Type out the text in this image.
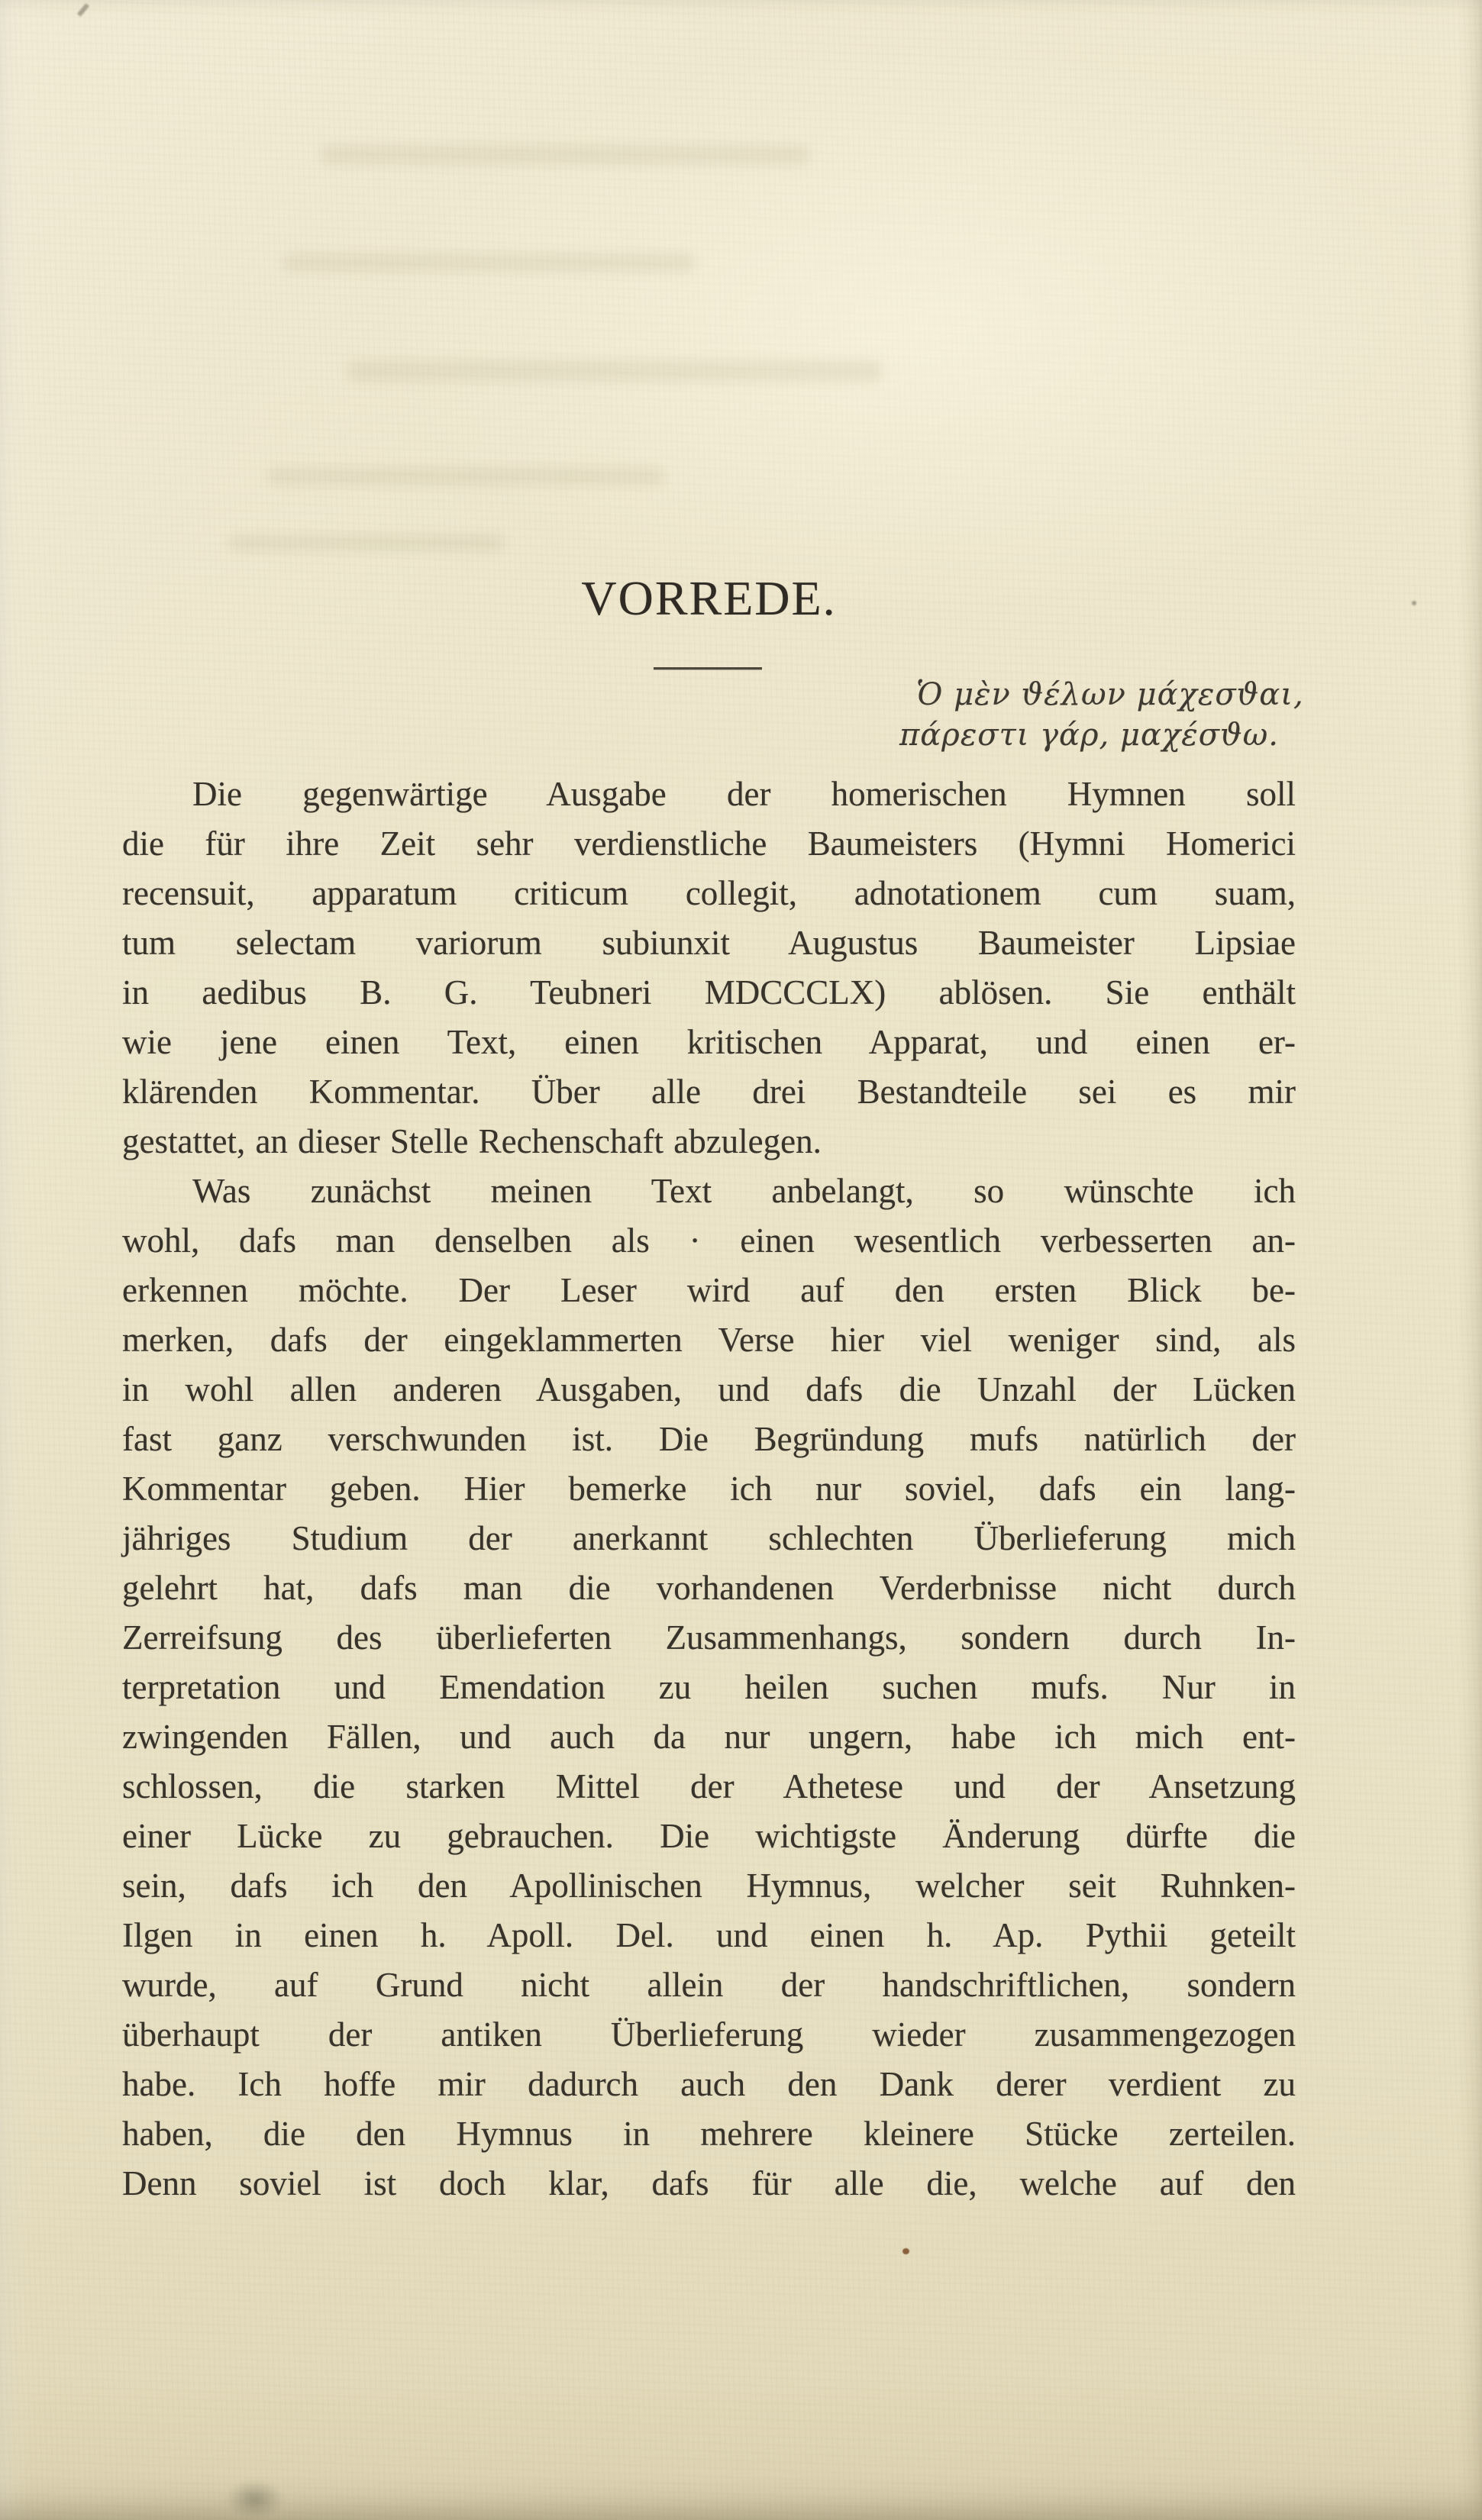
VORREDE.
Ὁ μὲν ϑέλων μάχεσϑαι,
πάρεστι γάρ, μαχέσϑω.
Die gegenwärtige Ausgabe der homerischen Hymnen soll
die für ihre Zeit sehr verdienstliche Baumeisters (Hymni Homerici
recensuit, apparatum criticum collegit, adnotationem cum suam,
tum selectam variorum subiunxit Augustus Baumeister Lipsiae
in aedibus B. G. Teubneri MDCCCLX) ablösen. Sie enthält
wie jene einen Text, einen kritischen Apparat, und einen er-
klärenden Kommentar. Über alle drei Bestandteile sei es mir
gestattet, an dieser Stelle Rechenschaft abzulegen.
Was zunächst meinen Text anbelangt, so wünschte ich
wohl, dafs man denselben als · einen wesentlich verbesserten an-
erkennen möchte. Der Leser wird auf den ersten Blick be-
merken, dafs der eingeklammerten Verse hier viel weniger sind, als
in wohl allen anderen Ausgaben, und dafs die Unzahl der Lücken
fast ganz verschwunden ist. Die Begründung mufs natürlich der
Kommentar geben. Hier bemerke ich nur soviel, dafs ein lang-
jähriges Studium der anerkannt schlechten Überlieferung mich
gelehrt hat, dafs man die vorhandenen Verderbnisse nicht durch
Zerreifsung des überlieferten Zusammenhangs, sondern durch In-
terpretation und Emendation zu heilen suchen mufs. Nur in
zwingenden Fällen, und auch da nur ungern, habe ich mich ent-
schlossen, die starken Mittel der Athetese und der Ansetzung
einer Lücke zu gebrauchen. Die wichtigste Änderung dürfte die
sein, dafs ich den Apollinischen Hymnus, welcher seit Ruhnken-
Ilgen in einen h. Apoll. Del. und einen h. Ap. Pythii geteilt
wurde, auf Grund nicht allein der handschriftlichen, sondern
überhaupt der antiken Überlieferung wieder zusammengezogen
habe. Ich hoffe mir dadurch auch den Dank derer verdient zu
haben, die den Hymnus in mehrere kleinere Stücke zerteilen.
Denn soviel ist doch klar, dafs für alle die, welche auf den
